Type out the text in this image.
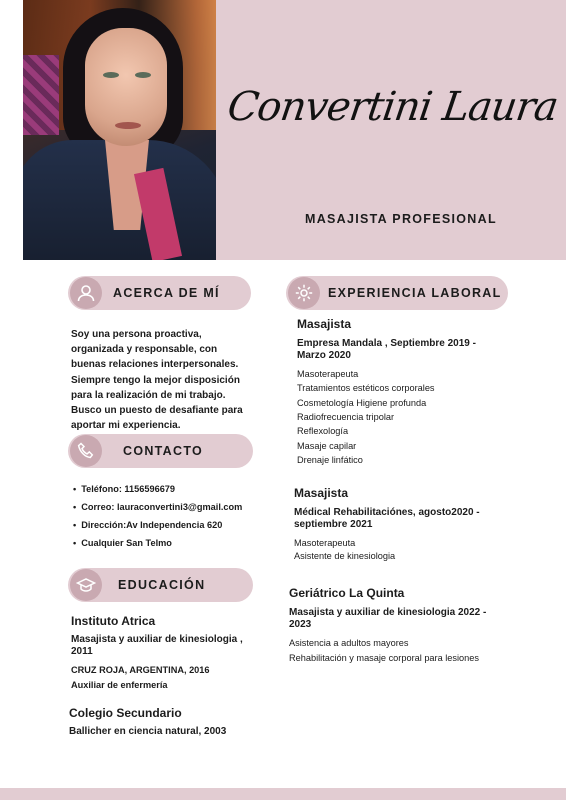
Convertini Laura
MASAJISTA PROFESIONAL
ACERCA DE MÍ
Soy una persona proactiva,
organizada y responsable, con
buenas relaciones interpersonales.
Siempre tengo la mejor disposición
para la realización de mi trabajo.
Busco un puesto de desafiante para
aportar mi experiencia.
CONTACTO
• Teléfono: 1156596679
• Correo: lauraconvertini3@gmail.com
• Dirección:Av Independencia 620
• Cualquier San Telmo
EDUCACIÓN
Instituto Atrica
Masajista y auxiliar de kinesiologia ,
2011
CRUZ ROJA, ARGENTINA, 2016
Auxiliar de enfermería
Colegio Secundario
Ballicher en ciencia natural, 2003
EXPERIENCIA LABORAL
Masajista
Empresa Mandala , Septiembre 2019 -
Marzo 2020
Masoterapeuta
Tratamientos estéticos corporales
Cosmetología Higiene profunda
Radiofrecuencia tripolar
Reflexología
Masaje capilar
Drenaje linfático
Masajista
Médical Rehabilitaciónes, agosto2020 -
septiembre 2021
Masoterapeuta
Asistente de kinesiologia
Geriátrico La Quinta
Masajista y auxiliar de kinesiologia 2022 -
2023
Asistencia a adultos mayores
Rehabilitación y masaje corporal para lesiones
